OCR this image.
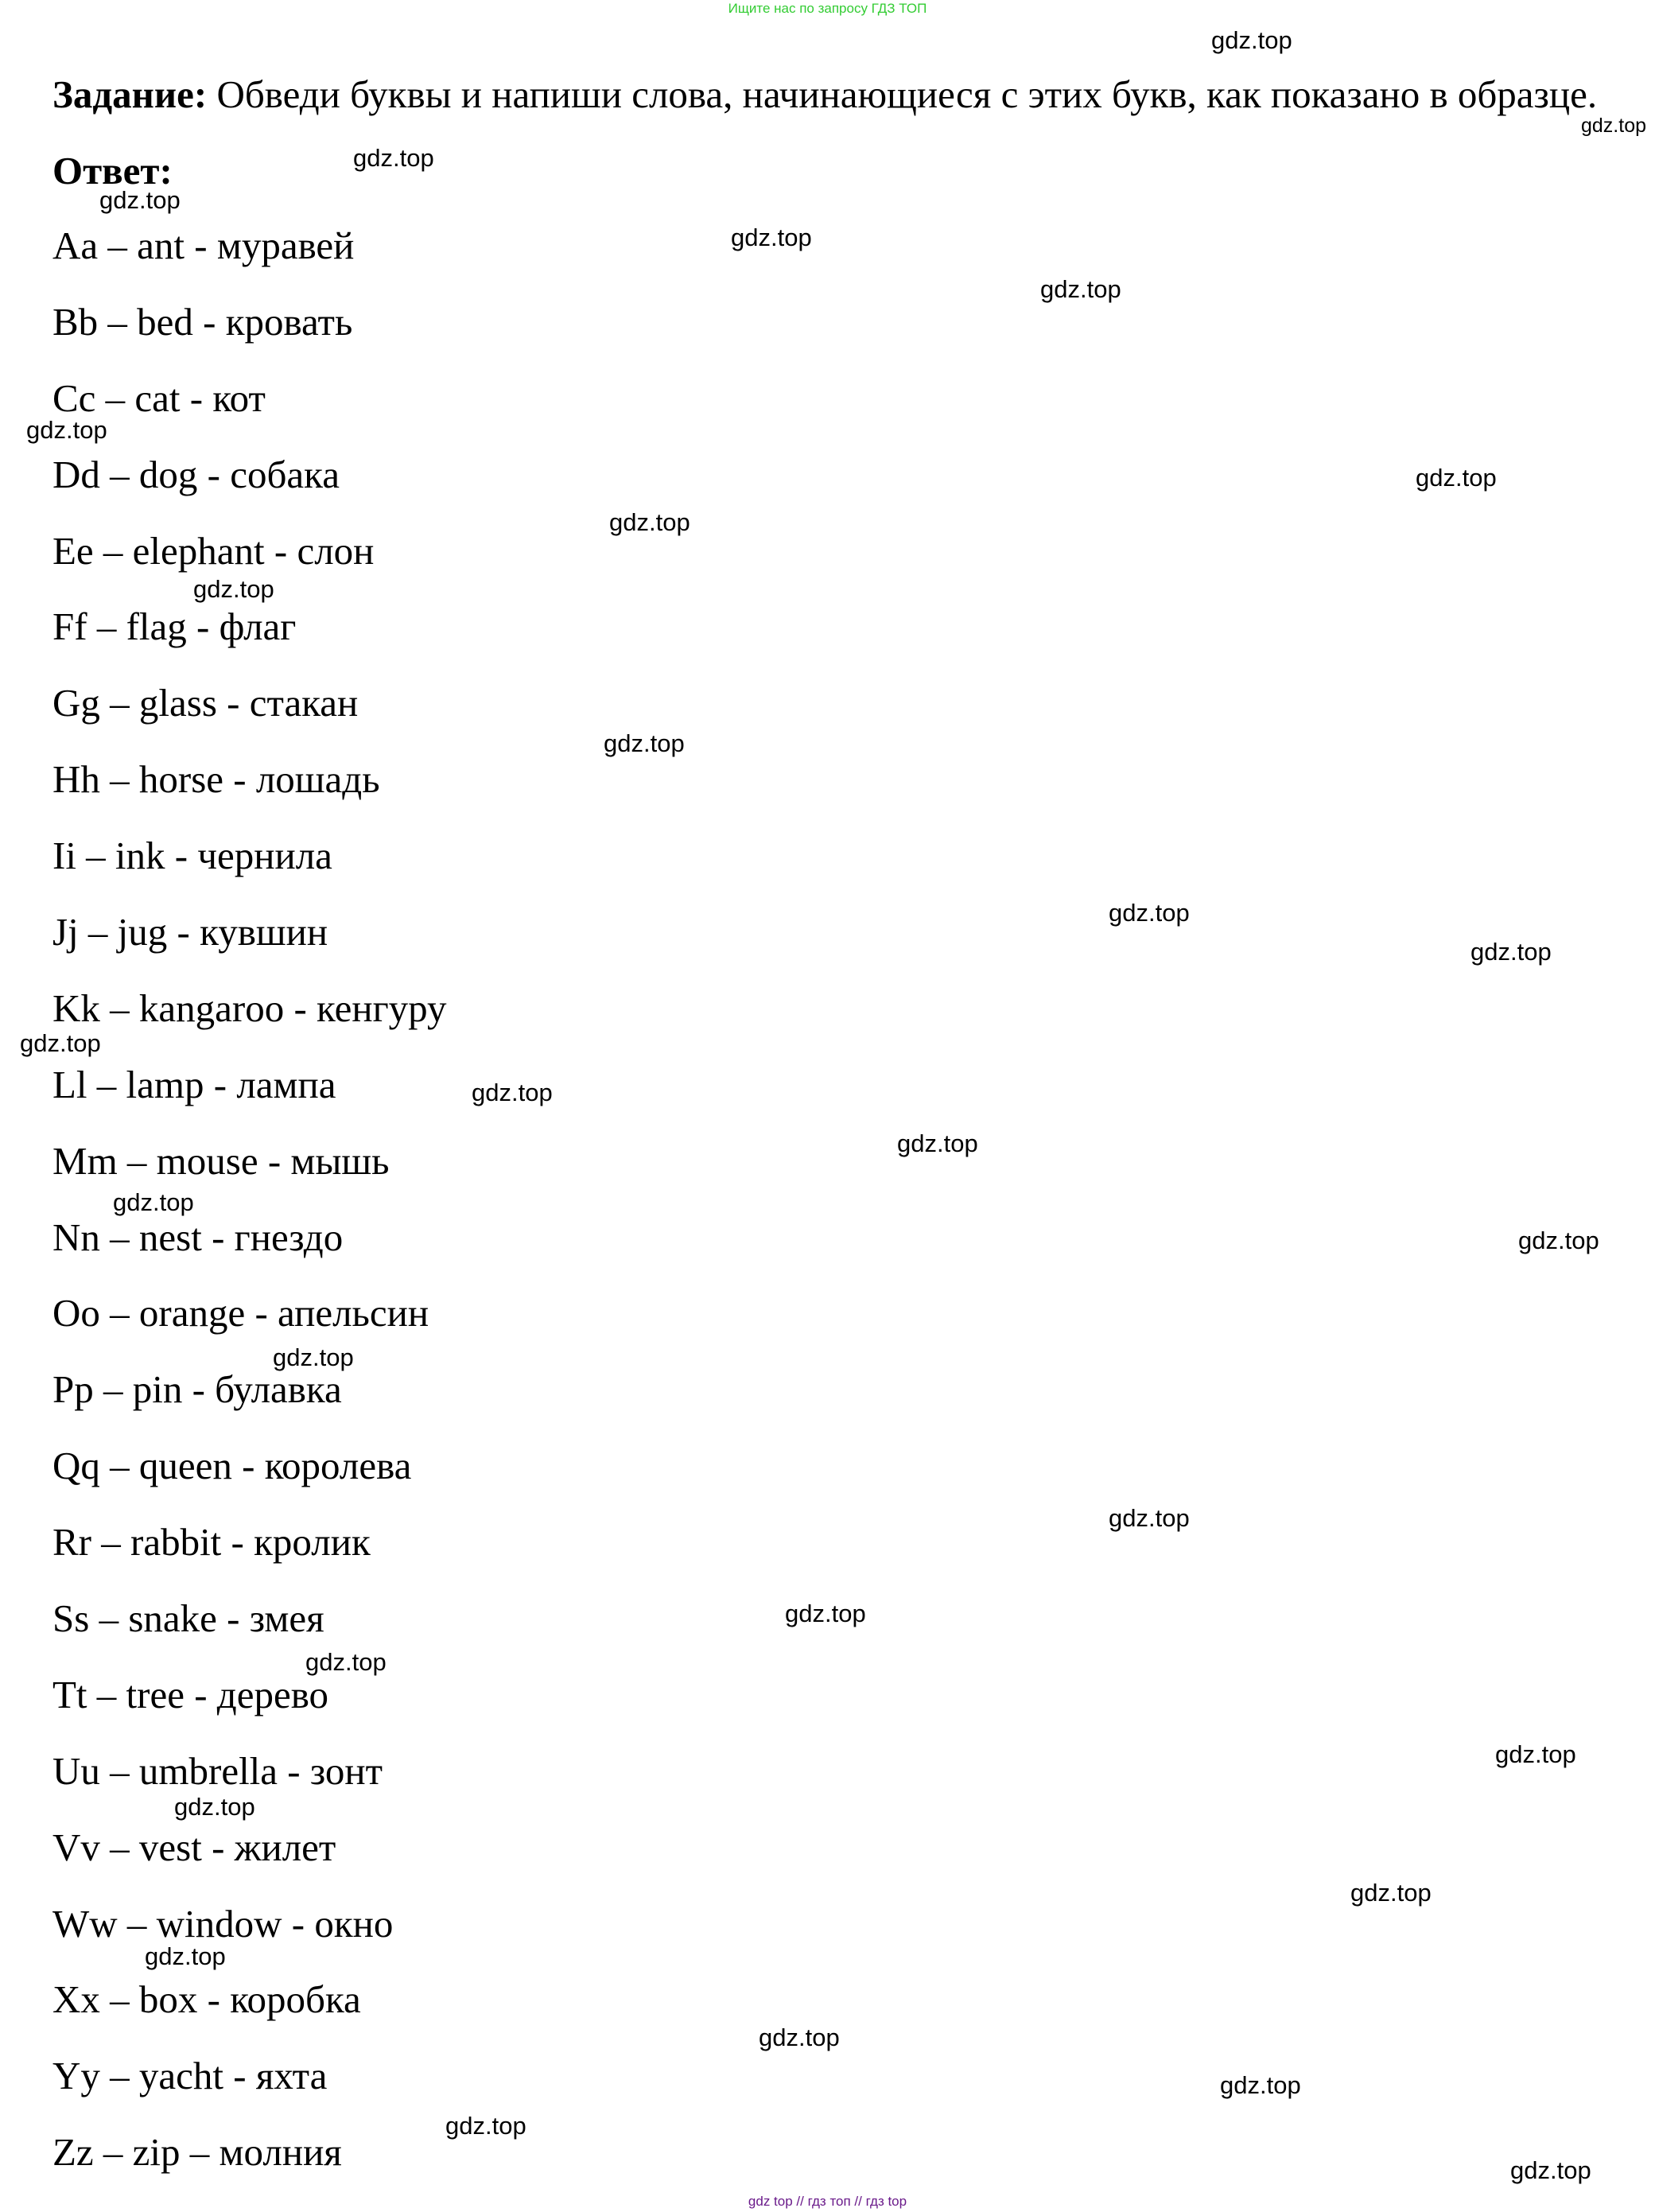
Ищите нас по запросу ГДЗ ТОП
Задание: Обведи буквы и напиши слова, начинающиеся с этих букв, как показано в образце.
Ответ:
Aa – ant - муравей
Bb – bed - кровать
Cc – cat - кот
Dd – dog - собака
Ee – elephant - слон
Ff – flag - флаг
Gg – glass - стакан
Hh – horse - лошадь
Ii – ink - чернила
Jj – jug - кувшин
Kk – kangaroo - кенгуру
Ll – lamp - лампа
Mm – mouse - мышь
Nn – nest - гнездо
Oo – orange - апельсин
Pp – pin - булавка
Qq – queen - королева
Rr – rabbit - кролик
Ss – snake - змея
Tt – tree - дерево
Uu – umbrella - зонт
Vv – vest - жилет
Ww – window - окно
Xx – box - коробка
Yy – yacht - яхта
Zz – zip – молния
gdz.top
gdz.top
gdz.top
gdz.top
gdz.top
gdz.top
gdz.top
gdz.top
gdz.top
gdz.top
gdz.top
gdz.top
gdz.top
gdz.top
gdz.top
gdz.top
gdz.top
gdz.top
gdz.top
gdz.top
gdz.top
gdz.top
gdz.top
gdz.top
gdz.top
gdz.top
gdz.top
gdz.top
gdz.top
gdz.top
gdz top // гдз топ // гдз top
